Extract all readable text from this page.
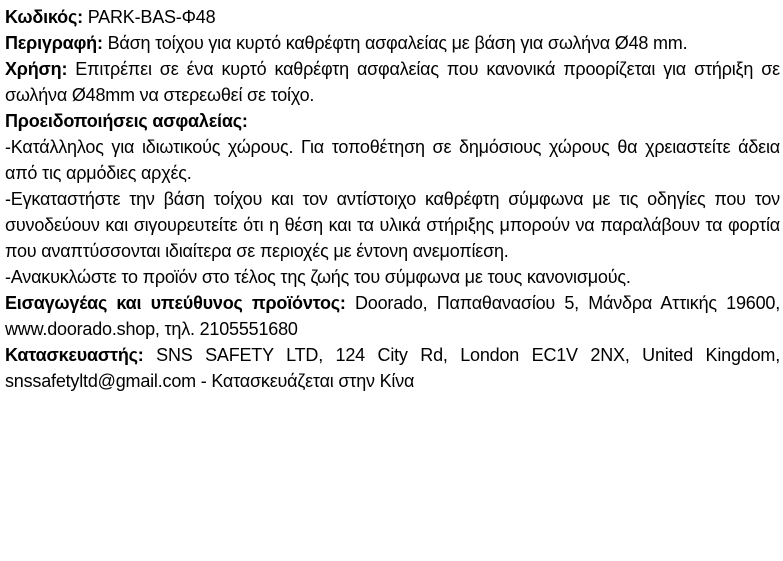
Κωδικός: PARK-BAS-Φ48

Περιγραφή: Βάση τοίχου για κυρτό καθρέφτη ασφαλείας με βάση για σωλήνα Ø48 mm.

Χρήση: Επιτρέπει σε ένα κυρτό καθρέφτη ασφαλείας που κανονικά προορίζεται για στήριξη σε σωλήνα Ø48mm να στερεωθεί σε τοίχο.

Προειδοποιήσεις ασφαλείας:

-Κατάλληλος για ιδιωτικούς χώρους. Για τοποθέτηση σε δημόσιους χώρους θα χρειαστείτε άδεια από τις αρμόδιες αρχές.

-Εγκαταστήστε την βάση τοίχου και τον αντίστοιχο καθρέφτη σύμφωνα με τις οδηγίες που τον συνοδεύουν και σιγουρευτείτε ότι η θέση και τα υλικά στήριξης μπορούν να παραλάβουν τα φορτία που αναπτύσσονται ιδιαίτερα σε περιοχές με έντονη ανεμοπίεση.

-Ανακυκλώστε το προϊόν στο τέλος της ζωής του σύμφωνα με τους κανονισμούς.

Εισαγωγέας και υπεύθυνος προϊόντος: Doorado, Παπαθανασίου 5, Μάνδρα Αττικής 19600, www.doorado.shop, τηλ. 2105551680

Κατασκευαστής: SNS SAFETY LTD, 124 City Rd, London EC1V 2NX, United Kingdom, snssafetyltd@gmail.com - Κατασκευάζεται στην Κίνα
